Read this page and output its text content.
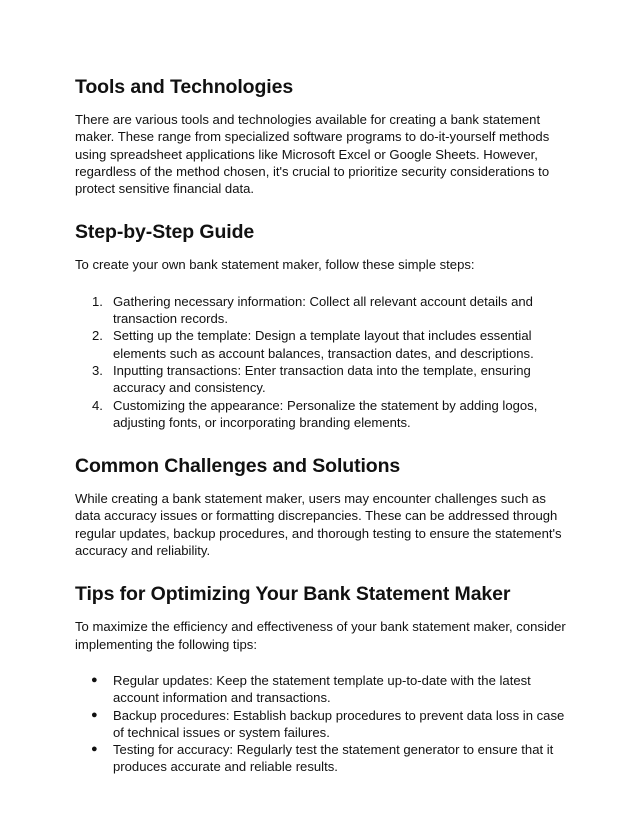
Tools and Technologies

There are various tools and technologies available for creating a bank statement maker. These range from specialized software programs to do-it-yourself methods using spreadsheet applications like Microsoft Excel or Google Sheets. However, regardless of the method chosen, it's crucial to prioritize security considerations to protect sensitive financial data.

Step-by-Step Guide

To create your own bank statement maker, follow these simple steps:

1. Gathering necessary information: Collect all relevant account details and transaction records.
2. Setting up the template: Design a template layout that includes essential elements such as account balances, transaction dates, and descriptions.
3. Inputting transactions: Enter transaction data into the template, ensuring accuracy and consistency.
4. Customizing the appearance: Personalize the statement by adding logos, adjusting fonts, or incorporating branding elements.
Common Challenges and Solutions

While creating a bank statement maker, users may encounter challenges such as data accuracy issues or formatting discrepancies. These can be addressed through regular updates, backup procedures, and thorough testing to ensure the statement's accuracy and reliability.

Tips for Optimizing Your Bank Statement Maker

To maximize the efficiency and effectiveness of your bank statement maker, consider implementing the following tips:

●	Regular updates: Keep the statement template up-to-date with the latest account information and transactions.
●	Backup procedures: Establish backup procedures to prevent data loss in case of technical issues or system failures.
●	Testing for accuracy: Regularly test the statement generator to ensure that it produces accurate and reliable results.
